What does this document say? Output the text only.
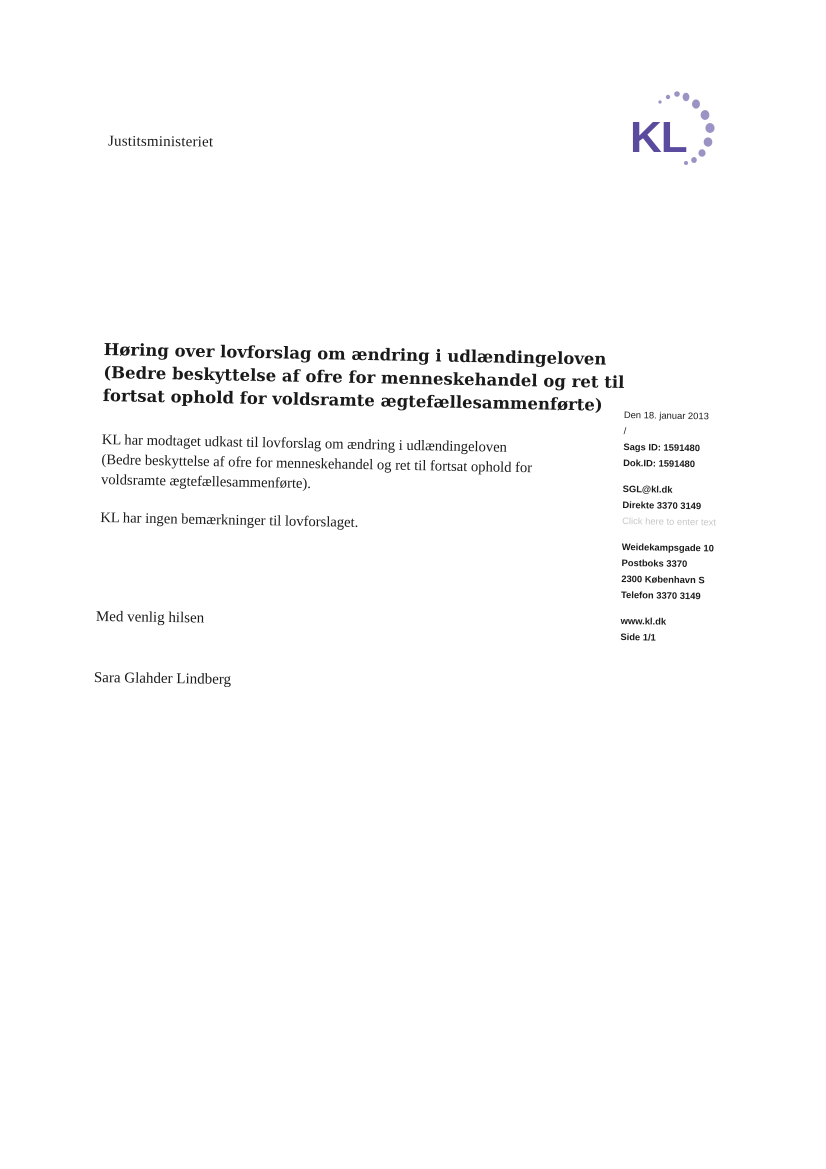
Justitsministeriet	KL
Høring over lovforslag om ændring i udlændingeloven
(Bedre beskyttelse af ofre for menneskehandel og ret til
fortsat ophold for voldsramte ægtefællesammenførte)

KL har modtaget udkast til lovforslag om ændring i udlændingeloven

(Bedre beskyttelse af ofre for menneskehandel og ret til fortsat ophold for

voldsramte ægtefællesammenførte).

KL har ingen bemærkninger til lovforslaget.

Med venlig hilsen
Sara Glahder Lindberg
Den 18. januar 2013
/
Sags ID: 1591480
Dok.ID: 1591480
SGL@kl.dk
Direkte 3370 3149
Click here to enter text
Weidekampsgade 10
Postboks 3370
2300 København S
Telefon 3370 3149
www.kl.dk
Side 1/1
